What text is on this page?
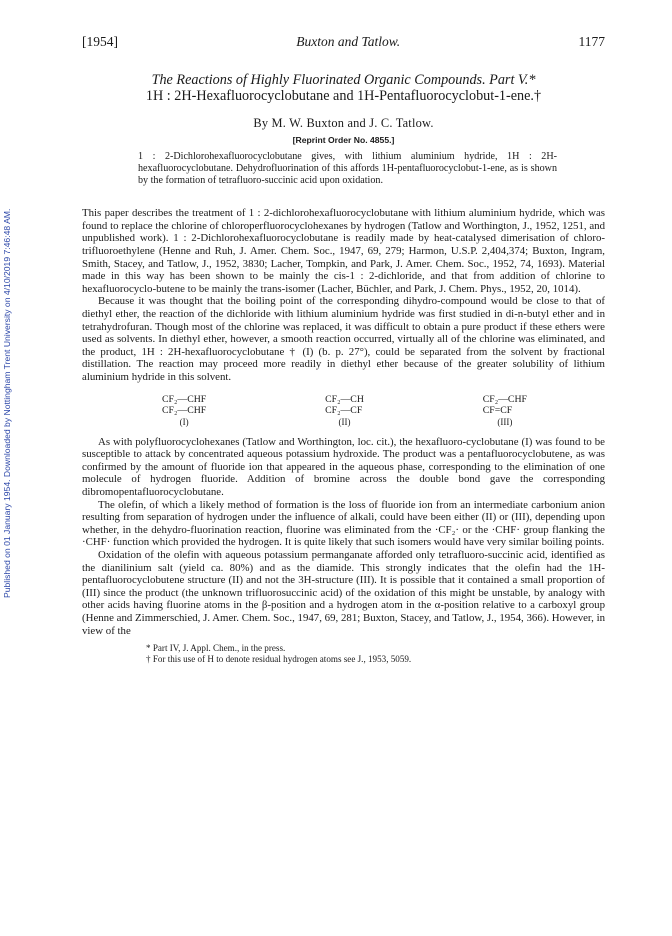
Published on 01 January 1954. Downloaded by Nottingham Trent University on 4/10/2019 7:46:48 AM.
[1954]	Buxton and Tatlow.	1177
The Reactions of Highly Fluorinated Organic Compounds. Part V.*
1H : 2H-Hexafluorocyclobutane and 1H-Pentafluorocyclobut-1-ene.†
By M. W. Buxton and J. C. Tatlow.
[Reprint Order No. 4855.]
1 : 2-Dichlorohexafluorocyclobutane gives, with lithium aluminium hydride, 1H : 2H-hexafluorocyclobutane. Dehydrofluorination of this affords 1H-pentafluorocyclobut-1-ene, as is shown by the formation of tetrafluoro-succinic acid upon oxidation.

This paper describes the treatment of 1 : 2-dichlorohexafluorocyclobutane with lithium aluminium hydride, which was found to replace the chlorine of chloroperfluorocyclohexanes by hydrogen (Tatlow and Worthington, J., 1952, 1251, and unpublished work). 1 : 2-Dichlorohexafluorocyclobutane is readily made by heat-catalysed dimerisation of chloro-trifluoroethylene (Henne and Ruh, J. Amer. Chem. Soc., 1947, 69, 279; Harmon, U.S.P. 2,404,374; Buxton, Ingram, Smith, Stacey, and Tatlow, J., 1952, 3830; Lacher, Tompkin, and Park, J. Amer. Chem. Soc., 1952, 74, 1693). Material made in this way has been shown to be mainly the cis-1 : 2-dichloride, and that from addition of chlorine to hexafluorocyclo-butene to be mainly the trans-isomer (Lacher, Büchler, and Park, J. Chem. Phys., 1952, 20, 1014).

Because it was thought that the boiling point of the corresponding dihydro-compound would be close to that of diethyl ether, the reaction of the dichloride with lithium aluminium hydride was first studied in di-n-butyl ether and in tetrahydrofuran. Though most of the chlorine was replaced, it was difficult to obtain a pure product if these ethers were used as solvents. In diethyl ether, however, a smooth reaction occurred, virtually all of the chlorine was eliminated, and the product, 1H : 2H-hexafluorocyclobutane † (I) (b. p. 27°), could be separated from the solvent by fractional distillation. The reaction may proceed more readily in diethyl ether because of the greater solubility of lithium aluminium hydride in this solvent.

CF₂—CHF
CF₂—CHF
(I)
CF₂—CH
CF₂—CF
(II)
CF₂—CHF
CF=CF
(III)

As with polyfluorocyclohexanes (Tatlow and Worthington, loc. cit.), the hexafluoro-cyclobutane (I) was found to be susceptible to attack by concentrated aqueous potassium hydroxide. The product was a pentafluorocyclobutene, as was confirmed by the amount of fluoride ion that appeared in the aqueous phase, corresponding to the elimination of one molecule of hydrogen fluoride. Addition of bromine across the double bond gave the corresponding dibromopentafluorocyclobutane.

The olefin, of which a likely method of formation is the loss of fluoride ion from an intermediate carbonium anion resulting from separation of hydrogen under the influence of alkali, could have been either (II) or (III), depending upon whether, in the dehydro-fluorination reaction, fluorine was eliminated from the ·CF₂· or the ·CHF· group flanking the ·CHF· function which provided the hydrogen. It is quite likely that such isomers would have very similar boiling points.

Oxidation of the olefin with aqueous potassium permanganate afforded only tetrafluoro-succinic acid, identified as the dianilinium salt (yield ca. 80%) and as the diamide. This strongly indicates that the olefin had the 1H-pentafluorocyclobutene structure (II) and not the 3H-structure (III). It is possible that it contained a small proportion of (III) since the product (the unknown trifluorosuccinic acid) of the oxidation of this might be unstable, by analogy with other acids having fluorine atoms in the β-position and a hydrogen atom in the α-position relative to a carboxyl group (Henne and Zimmerschied, J. Amer. Chem. Soc., 1947, 69, 281; Buxton, Stacey, and Tatlow, J., 1954, 366). However, in view of the

* Part IV, J. Appl. Chem., in the press.
† For this use of H to denote residual hydrogen atoms see J., 1953, 5059.
